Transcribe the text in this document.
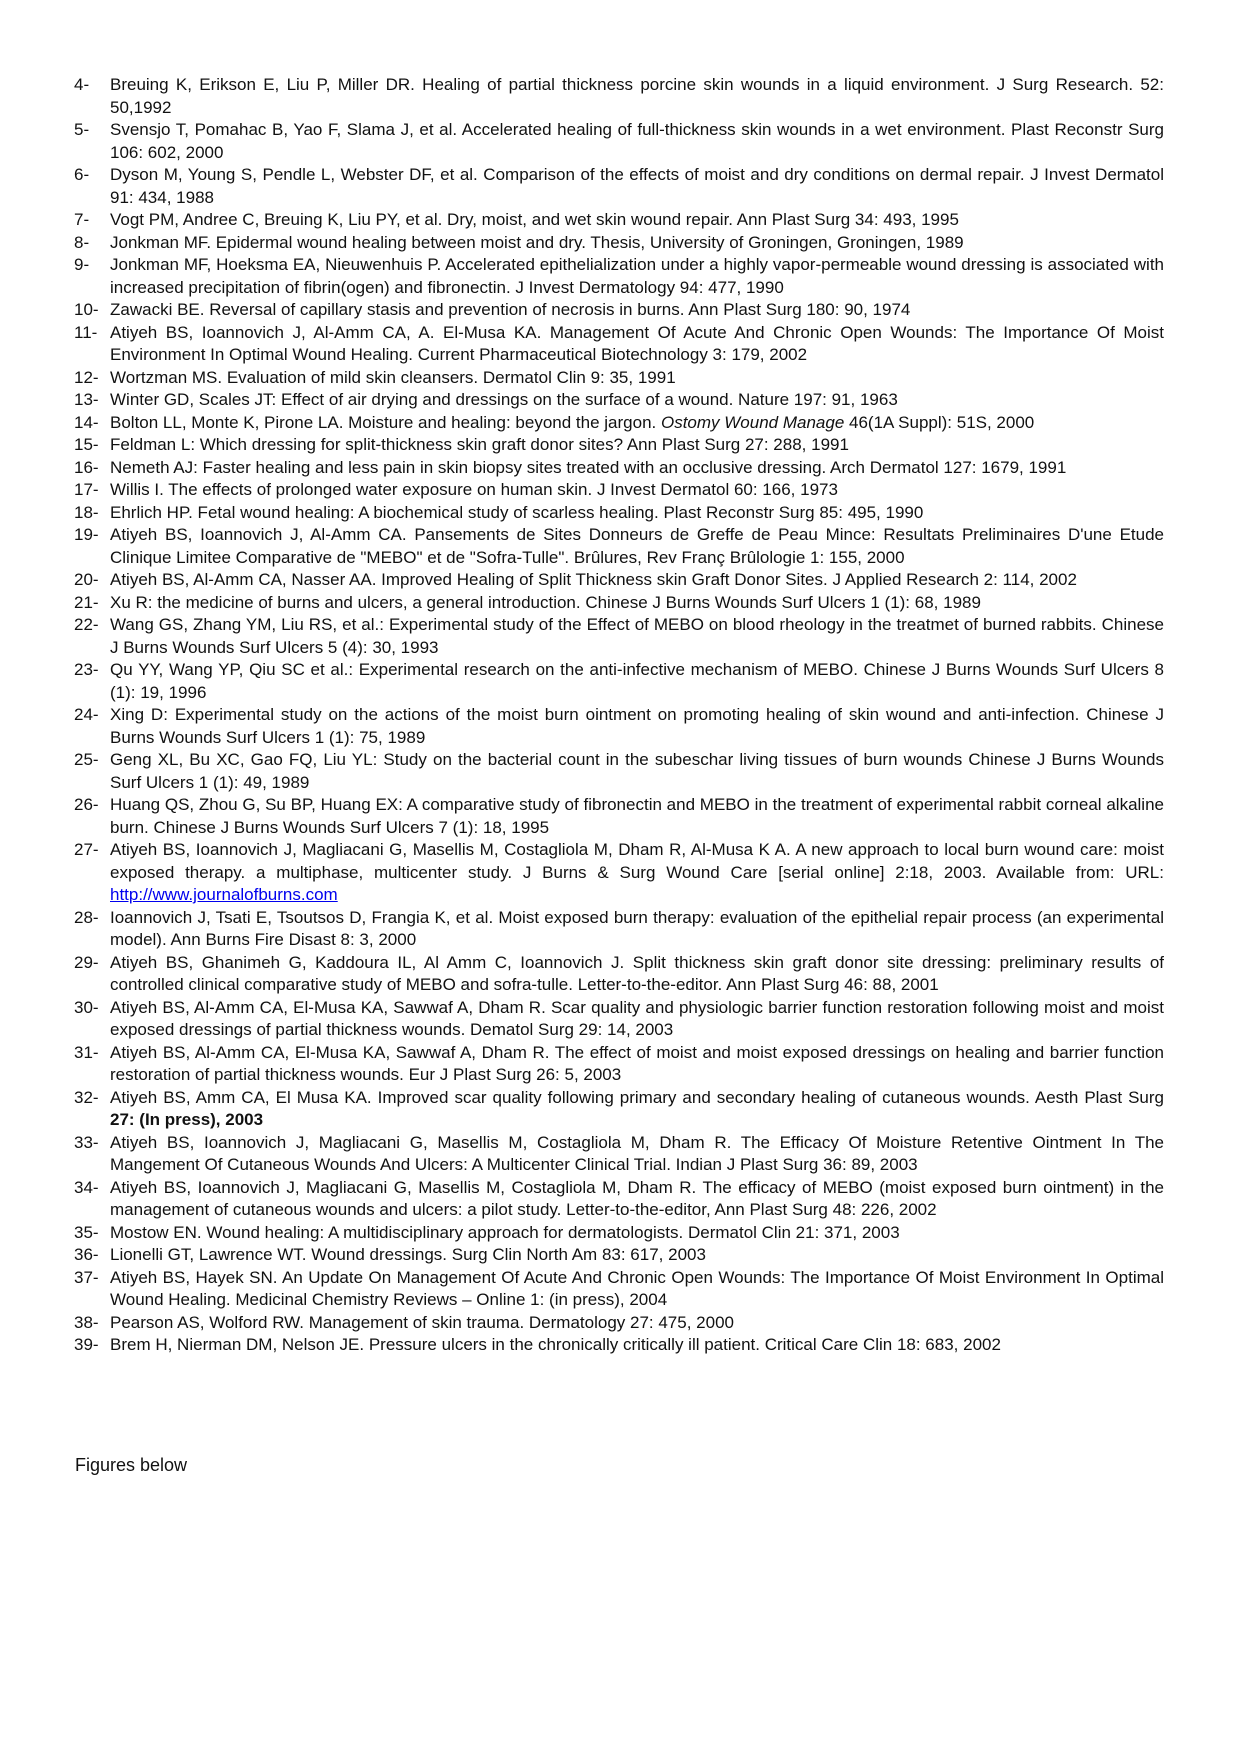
4-	Breuing K, Erikson E, Liu P, Miller DR. Healing of partial thickness porcine skin wounds in a liquid environment. J Surg Research. 52: 50,1992
5-	Svensjo T, Pomahac B, Yao F, Slama J, et al. Accelerated healing of full-thickness skin wounds in a wet environment. Plast Reconstr Surg 106: 602, 2000
6-	Dyson M, Young S, Pendle L, Webster DF, et al. Comparison of the effects of moist and dry conditions on dermal repair. J Invest Dermatol 91: 434, 1988
7-	Vogt PM, Andree C, Breuing K, Liu PY, et al. Dry, moist, and wet skin wound repair. Ann Plast Surg 34: 493, 1995
8-	Jonkman MF. Epidermal wound healing between moist and dry. Thesis, University of Groningen, Groningen, 1989
9-	Jonkman MF, Hoeksma EA, Nieuwenhuis P. Accelerated epithelialization under a highly vapor-permeable wound dressing is associated with increased precipitation of fibrin(ogen) and fibronectin. J Invest Dermatology 94: 477, 1990
10- Zawacki BE. Reversal of capillary stasis and prevention of necrosis in burns. Ann Plast Surg 180: 90, 1974
11- Atiyeh BS, Ioannovich J, Al-Amm CA, A. El-Musa KA. Management Of Acute And Chronic Open Wounds: The Importance Of Moist Environment In Optimal Wound Healing. Current Pharmaceutical Biotechnology 3: 179, 2002
12- Wortzman MS. Evaluation of mild skin cleansers. Dermatol Clin 9: 35, 1991
13- Winter GD, Scales JT: Effect of air drying and dressings on the surface of a wound. Nature 197: 91, 1963
14- Bolton LL, Monte K, Pirone LA. Moisture and healing: beyond the jargon. Ostomy Wound Manage 46(1A Suppl): 51S, 2000
15- Feldman L: Which dressing for split-thickness skin graft donor sites? Ann Plast Surg 27: 288, 1991
16- Nemeth AJ: Faster healing and less pain in skin biopsy sites treated with an occlusive dressing. Arch Dermatol 127: 1679, 1991
17- Willis I. The effects of prolonged water exposure on human skin. J Invest Dermatol 60: 166, 1973
18- Ehrlich HP. Fetal wound healing: A biochemical study of scarless healing. Plast Reconstr Surg 85: 495, 1990
19- Atiyeh BS, Ioannovich J, Al-Amm CA. Pansements de Sites Donneurs de Greffe de Peau Mince: Resultats Preliminaires D'une Etude Clinique Limitee Comparative de "MEBO" et de "Sofra-Tulle". Brûlures, Rev Franç Brûlologie 1: 155, 2000
20- Atiyeh BS, Al-Amm CA, Nasser AA. Improved Healing of Split Thickness skin Graft Donor Sites. J Applied Research 2: 114, 2002
21- Xu R: the medicine of burns and ulcers, a general introduction. Chinese J Burns Wounds Surf Ulcers 1 (1): 68, 1989
22- Wang GS, Zhang YM, Liu RS, et al.: Experimental study of the Effect of MEBO on blood rheology in the treatmet of burned rabbits. Chinese J Burns Wounds Surf Ulcers 5 (4): 30, 1993
23- Qu YY, Wang YP, Qiu SC et al.: Experimental research on the anti-infective mechanism of MEBO. Chinese J Burns Wounds Surf Ulcers 8 (1): 19, 1996
24- Xing D: Experimental study on the actions of the moist burn ointment on promoting healing of skin wound and anti-infection. Chinese J Burns Wounds Surf Ulcers 1 (1): 75, 1989
25- Geng XL, Bu XC, Gao FQ, Liu YL: Study on the bacterial count in the subeschar living tissues of burn wounds Chinese J Burns Wounds Surf Ulcers 1 (1): 49, 1989
26- Huang QS, Zhou G, Su BP, Huang EX: A comparative study of fibronectin and MEBO in the treatment of experimental rabbit corneal alkaline burn. Chinese J Burns Wounds Surf Ulcers 7 (1): 18, 1995
27- Atiyeh BS, Ioannovich J, Magliacani G, Masellis M, Costagliola M, Dham R, Al-Musa K A. A new approach to local burn wound care: moist exposed therapy. a multiphase, multicenter study. J Burns & Surg Wound Care [serial online] 2:18, 2003. Available from: URL: http://www.journalofburns.com
28- Ioannovich J, Tsati E, Tsoutsos D, Frangia K, et al. Moist exposed burn therapy: evaluation of the epithelial repair process (an experimental model). Ann Burns Fire Disast 8: 3, 2000
29- Atiyeh BS, Ghanimeh G, Kaddoura IL, Al Amm C, Ioannovich J. Split thickness skin graft donor site dressing: preliminary results of controlled clinical comparative study of MEBO and sofra-tulle. Letter-to-the-editor. Ann Plast Surg 46: 88, 2001
30- Atiyeh BS, Al-Amm CA, El-Musa KA, Sawwaf A, Dham R. Scar quality and physiologic barrier function restoration following moist and moist exposed dressings of partial thickness wounds. Dematol Surg 29: 14, 2003
31- Atiyeh BS, Al-Amm CA, El-Musa KA, Sawwaf A, Dham R. The effect of moist and moist exposed dressings on healing and barrier function restoration of partial thickness wounds. Eur J Plast Surg 26: 5, 2003
32- Atiyeh BS, Amm CA, El Musa KA. Improved scar quality following primary and secondary healing of cutaneous wounds. Aesth Plast Surg 27: (In press), 2003
33- Atiyeh BS, Ioannovich J, Magliacani G, Masellis M, Costagliola M, Dham R. The Efficacy Of Moisture Retentive Ointment In The Mangement Of Cutaneous Wounds And Ulcers: A Multicenter Clinical Trial. Indian J Plast Surg 36: 89, 2003
34- Atiyeh BS, Ioannovich J, Magliacani G, Masellis M, Costagliola M, Dham R. The efficacy of MEBO (moist exposed burn ointment) in the management of cutaneous wounds and ulcers: a pilot study. Letter-to-the-editor, Ann Plast Surg 48: 226, 2002
35- Mostow EN. Wound healing: A multidisciplinary approach for dermatologists. Dermatol Clin 21: 371, 2003
36- Lionelli GT, Lawrence WT. Wound dressings. Surg Clin North Am 83: 617, 2003
37- Atiyeh BS, Hayek SN. An Update On Management Of Acute And Chronic Open Wounds: The Importance Of Moist Environment In Optimal Wound Healing. Medicinal Chemistry Reviews – Online 1: (in press), 2004
38- Pearson AS, Wolford RW. Management of skin trauma. Dermatology 27: 475, 2000
39- Brem H, Nierman DM, Nelson JE. Pressure ulcers in the chronically critically ill patient. Critical Care Clin 18: 683, 2002
Figures below
